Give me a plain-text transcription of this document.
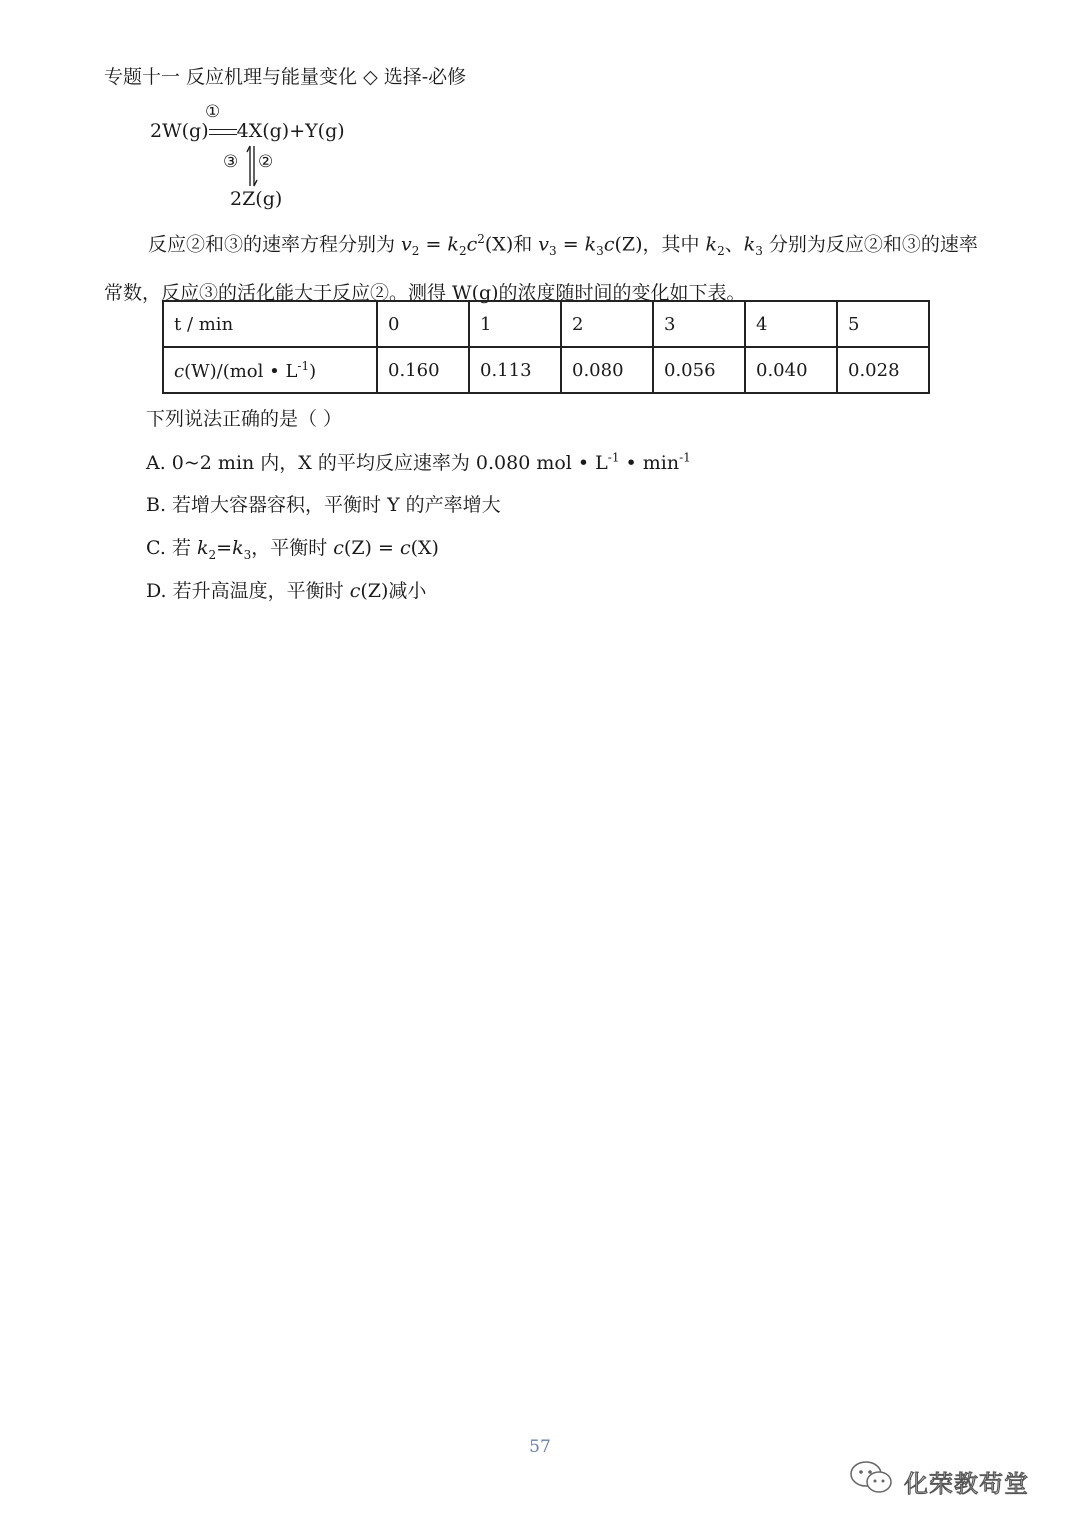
专题十一 反应机理与能量变化 ◇ 选择-必修
①
2W(g) 4X(g)+Y(g)
③ ②
2Z(g)
反应②和③的速率方程分别为 $v_2 = k_2c^2(X)$和 $v_3 = k_3c(Z)$，其中 $k_2$、$k_3$ 分别为反应②和③的速率常数，反应③的活化能大于反应②。测得 W(g)的浓度随时间的变化如下表。
t / min	0	1	2	3	4	5
c(W)/(mol • $L^{-1}$)	0.160	0.113	0.080	0.056	0.040	0.028
下列说法正确的是（ ）
A. 0~2 min 内，X 的平均反应速率为 0.080 mol • $L^{-1}$ • $\min^{-1}$
B. 若增大容器容积，平衡时 Y 的产率增大
C. 若 $k_2=k_3$，平衡时 c(Z) = c(X)
D. 若升高温度，平衡时 c(Z)减小
57
化荣教苟堂
